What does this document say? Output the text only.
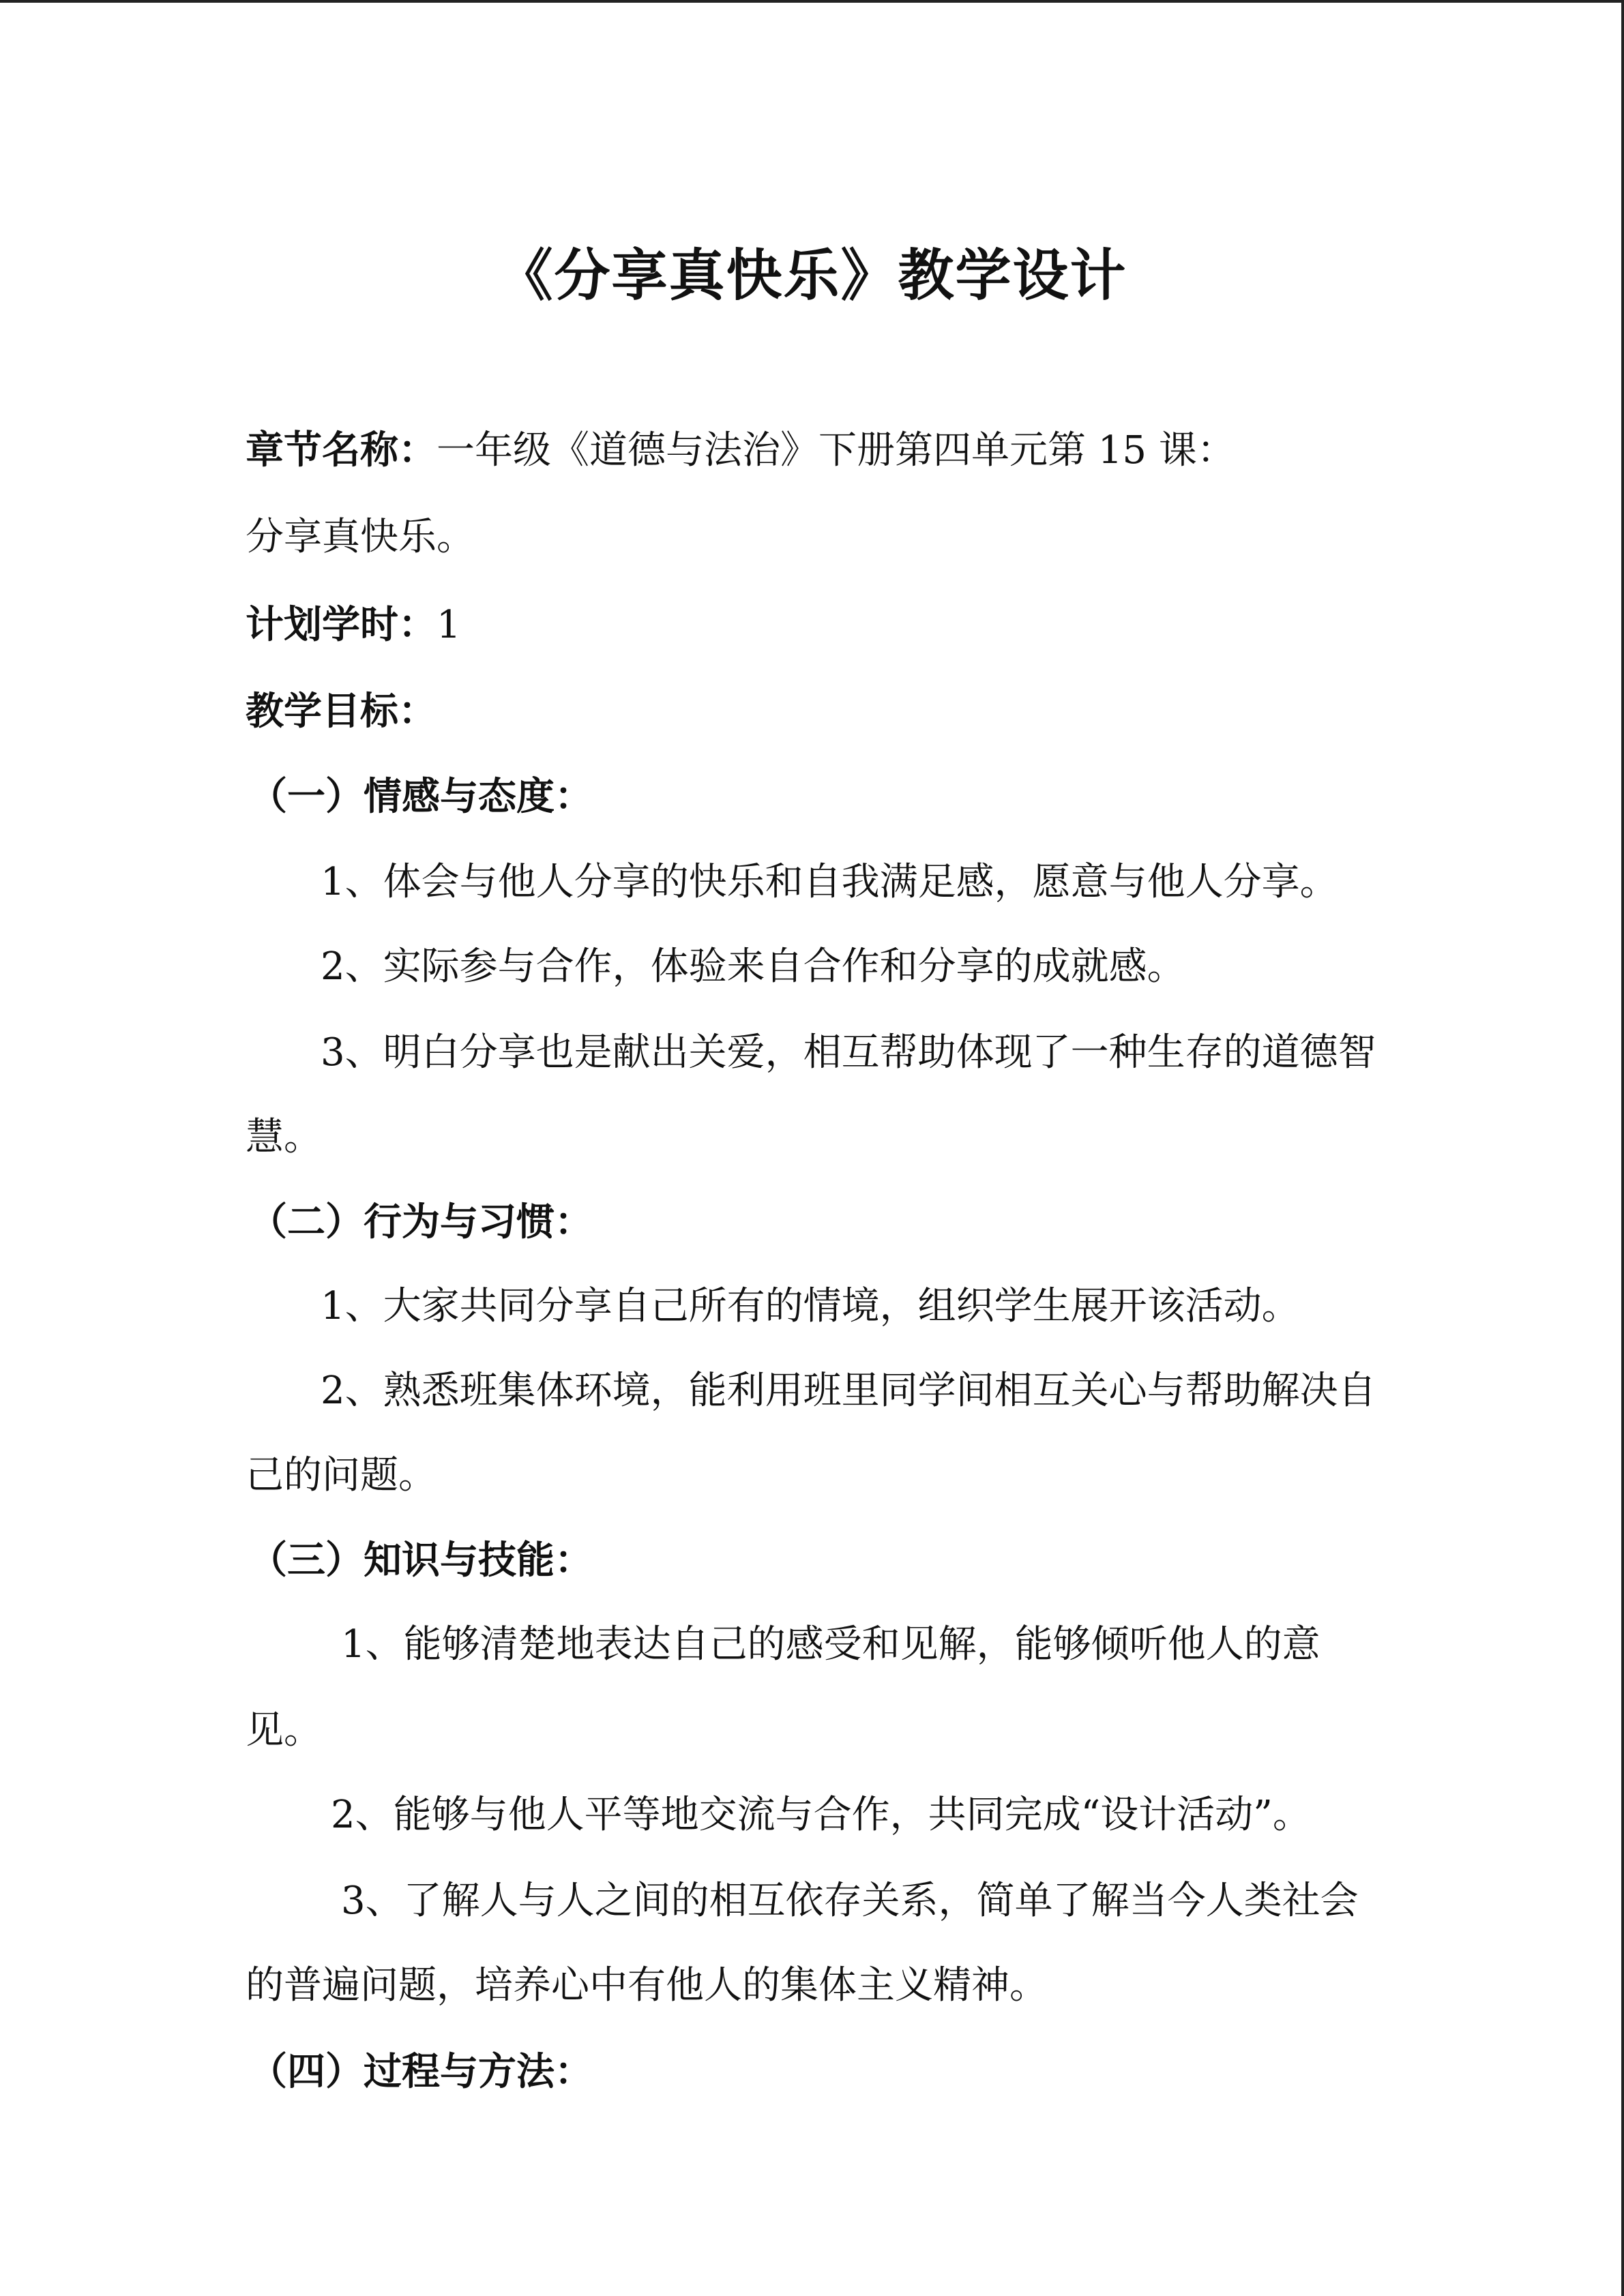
《分享真快乐》教学设计
章节名称：一年级《道德与法治》下册第四单元第 15 课：
分享真快乐。
计划学时：1
教学目标：
（一）情感与态度：
1、体会与他人分享的快乐和自我满足感，愿意与他人分享。
2、实际参与合作，体验来自合作和分享的成就感。
3、明白分享也是献出关爱，相互帮助体现了一种生存的道德智
慧。
（二）行为与习惯：
1、大家共同分享自己所有的情境，组织学生展开该活动。
2、熟悉班集体环境，能利用班里同学间相互关心与帮助解决自
己的问题。
（三）知识与技能：
1、能够清楚地表达自己的感受和见解，能够倾听他人的意
见。
2、能够与他人平等地交流与合作，共同完成“设计活动”。
3、了解人与人之间的相互依存关系，简单了解当今人类社会
的普遍问题，培养心中有他人的集体主义精神。
（四）过程与方法：
